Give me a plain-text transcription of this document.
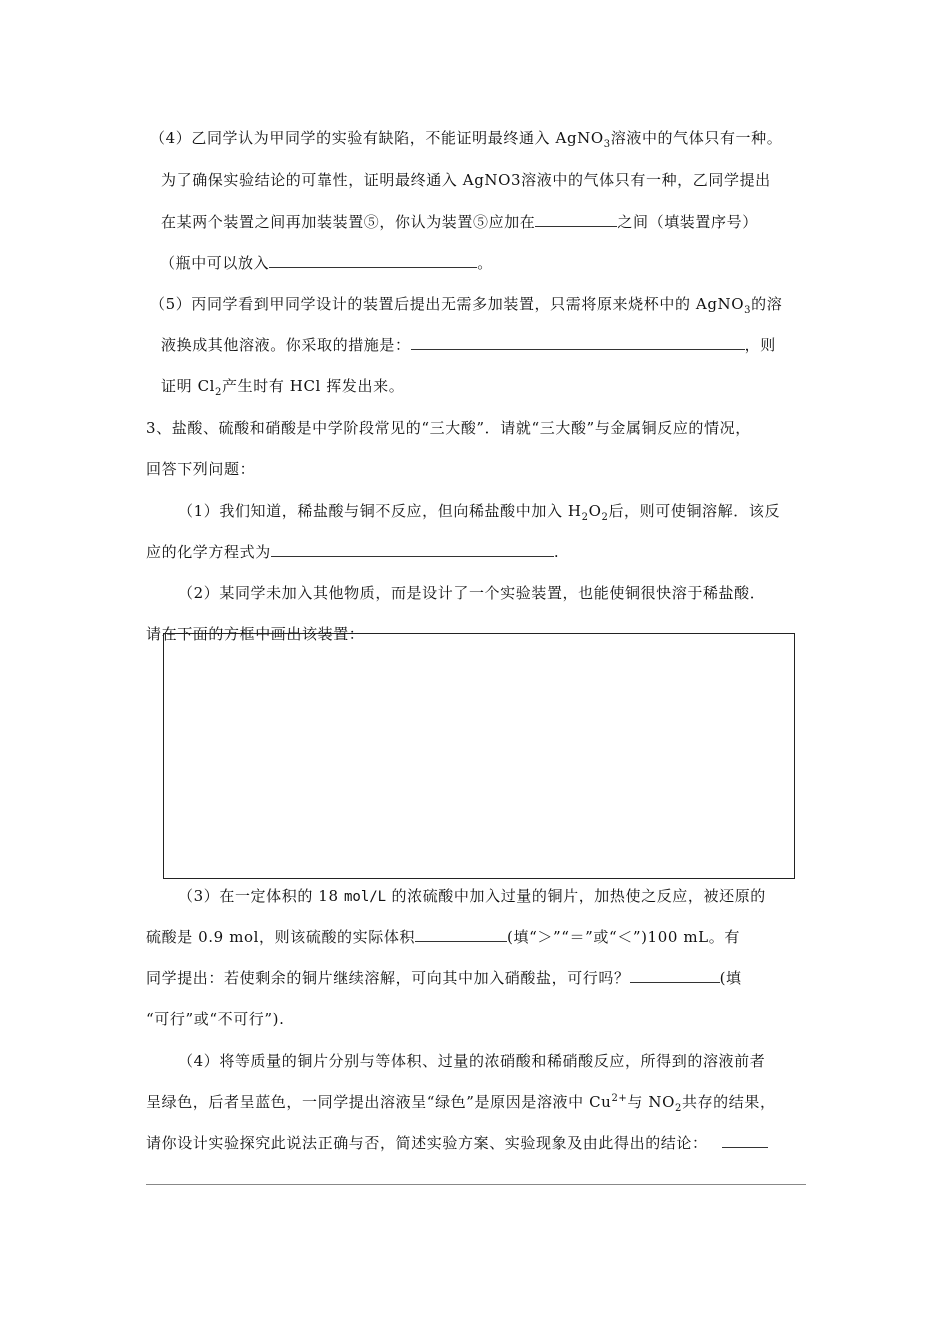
（4）乙同学认为甲同学的实验有缺陷，不能证明最终通入 AgNO$_3$溶液中的气体只有一种。
为了确保实验结论的可靠性，证明最终通入 AgNO3溶液中的气体只有一种，乙同学提出
在某两个装置之间再加装装置⑤，你认为装置⑤应加在	之间（填装置序号）
（瓶中可以放入	。
（5）丙同学看到甲同学设计的装置后提出无需多加装置，只需将原来烧杯中的 AgNO$_3$的溶
液换成其他溶液。你采取的措施是：	，则
证明 $Cl_2$产生时有 HCl 挥发出来。
3、盐酸、硫酸和硝酸是中学阶段常见的“三大酸”．请就“三大酸”与金属铜反应的情况，
回答下列问题：
（1）我们知道，稀盐酸与铜不反应，但向稀盐酸中加入 $H_2O_2$后，则可使铜溶解．该反
应的化学方程式为	.
（2）某同学未加入其他物质，而是设计了一个实验装置，也能使铜很快溶于稀盐酸．
请在下面的方框中画出该装置：
（3）在一定体积的 18 mol/L 的浓硫酸中加入过量的铜片，加热使之反应，被还原的
硫酸是 0.9 mol，则该硫酸的实际体积	(填“＞”“＝”或“＜”)100 mL。有
同学提出：若使剩余的铜片继续溶解，可向其中加入硝酸盐，可行吗？	(填
“可行”或“不可行”).
（4）将等质量的铜片分别与等体积、过量的浓硝酸和稀硝酸反应，所得到的溶液前者
呈绿色，后者呈蓝色，一同学提出溶液呈“绿色”是原因是溶液中 $Cu^{2+}$与 $NO_2$共存的结果，
请你设计实验探究此说法正确与否，简述实验方案、实验现象及由此得出的结论：
